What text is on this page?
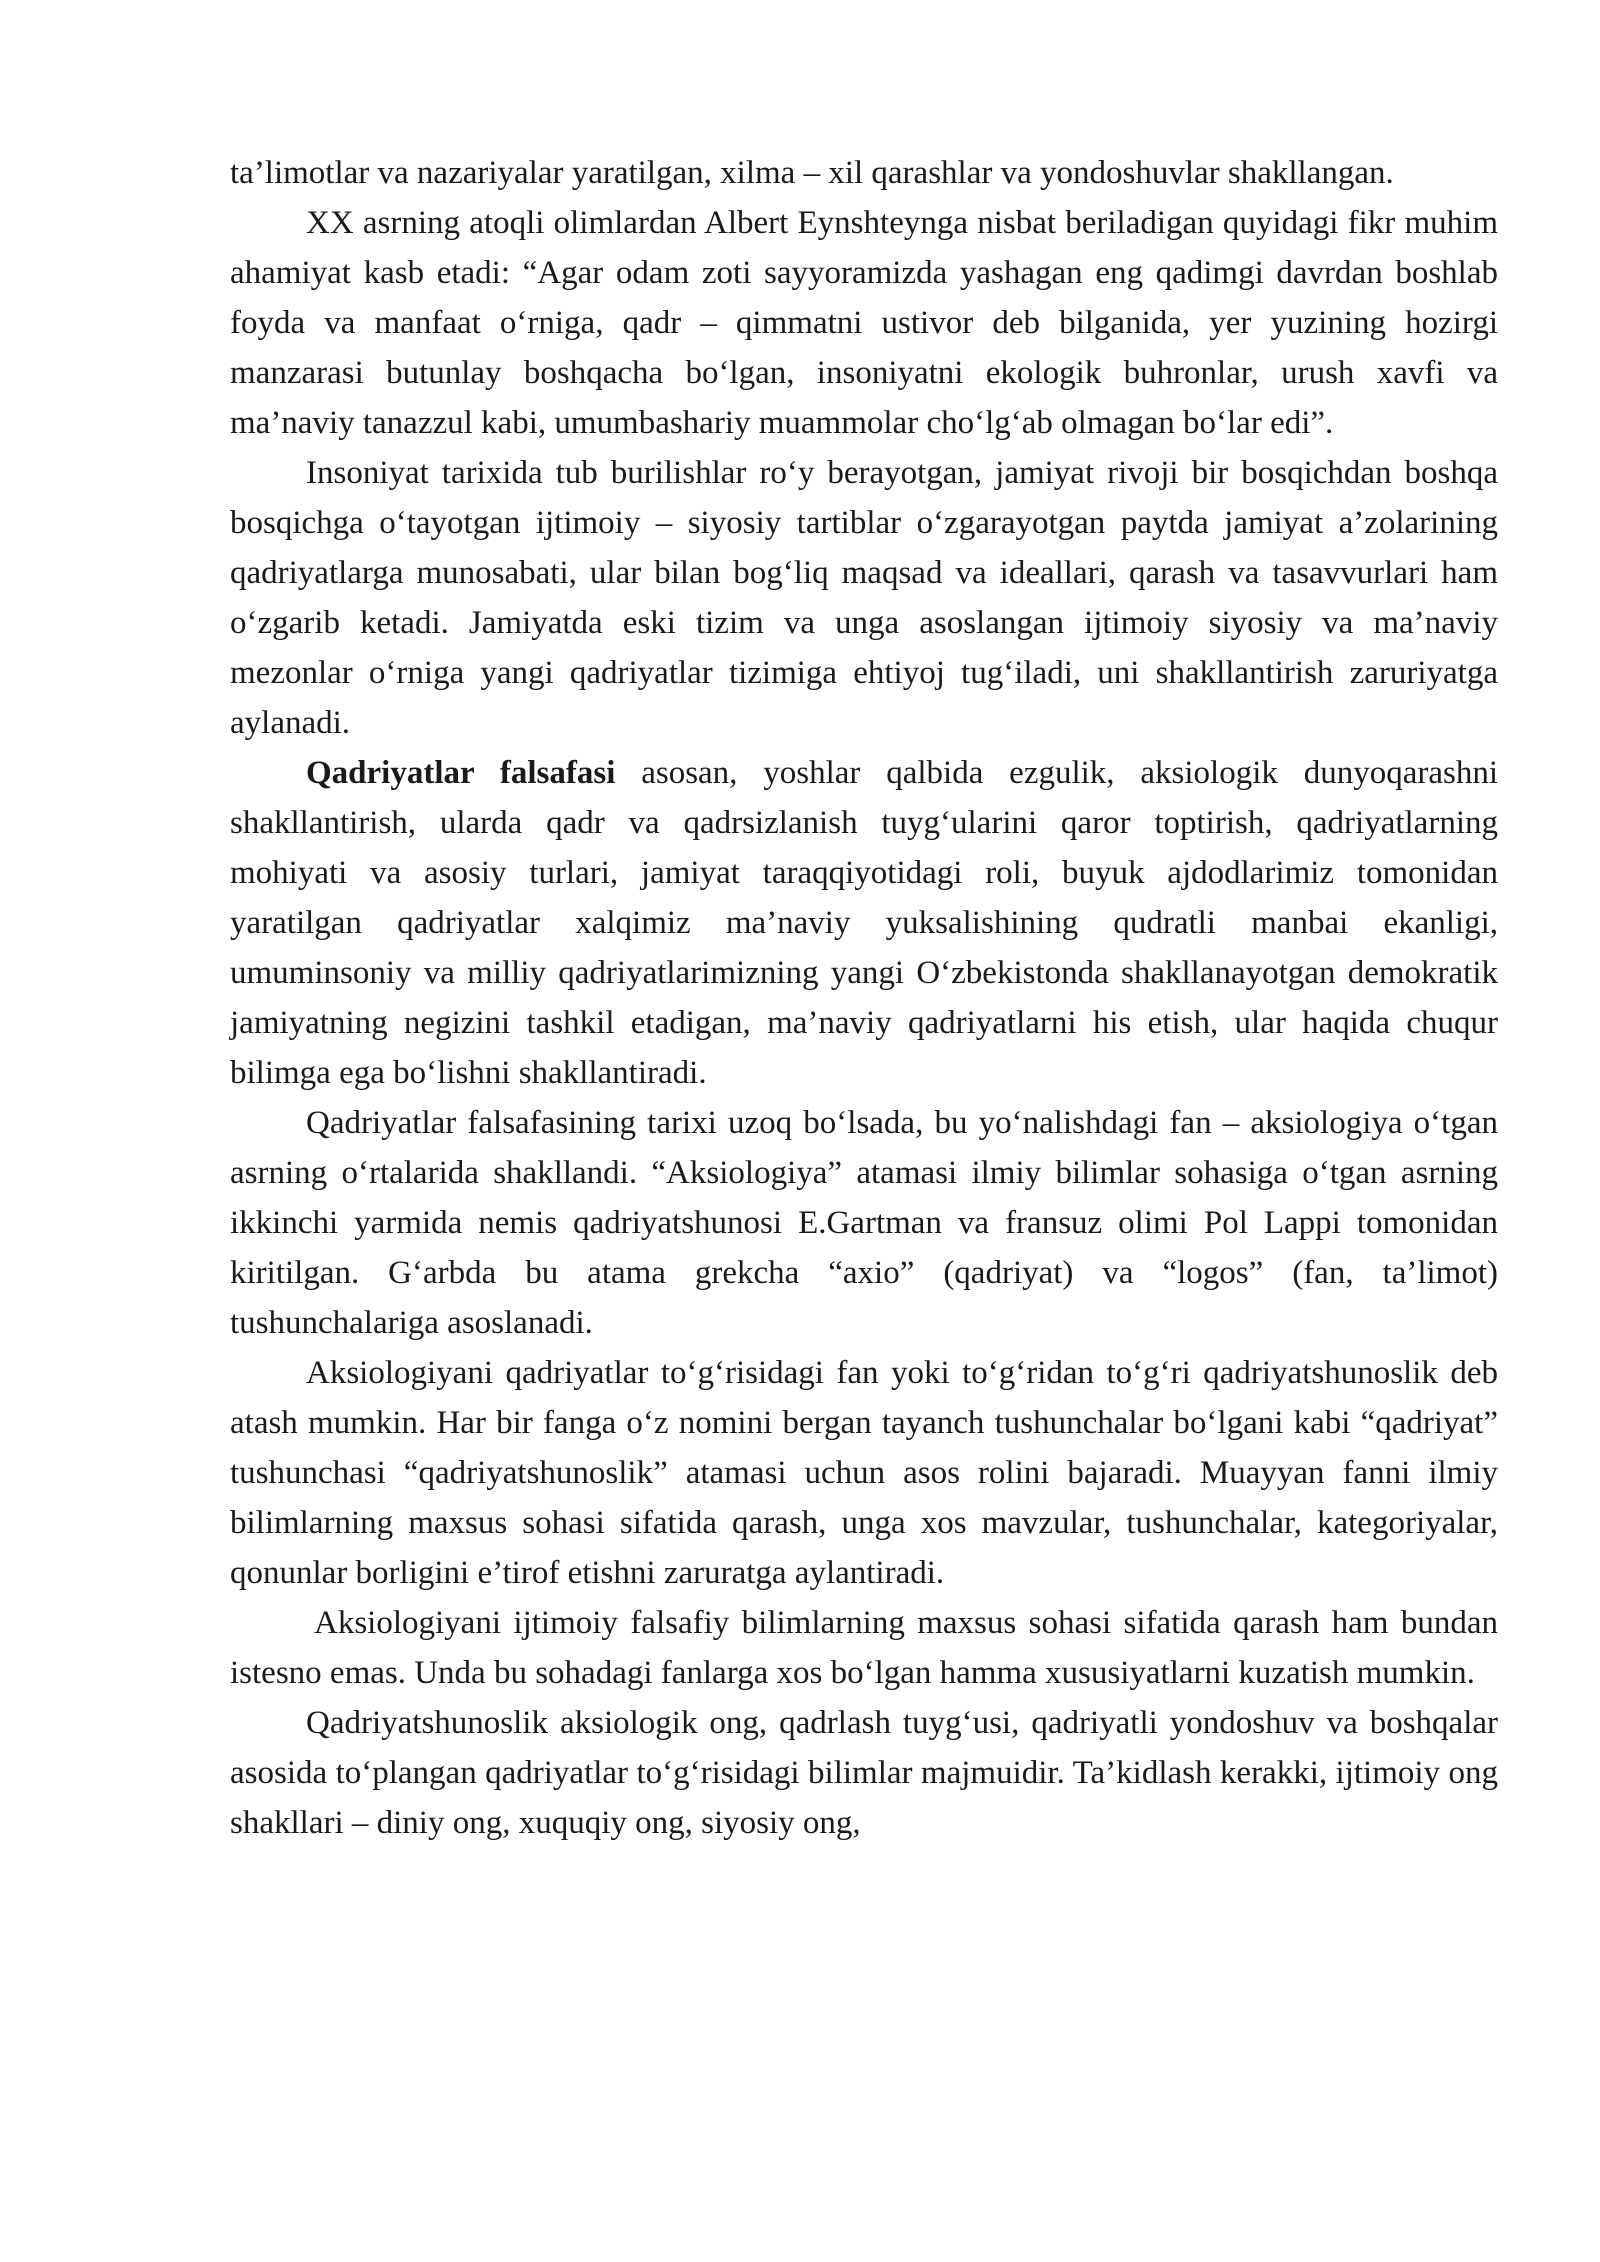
ta’limotlar va nazariyalar yaratilgan, xilma – xil qarashlar va yondoshuvlar shakllangan.

XX asrning atoqli olimlardan Albert Eynshteynga nisbat beriladigan quyidagi fikr muhim ahamiyat kasb etadi: “Agar odam zoti sayyoramizda yashagan eng qadimgi davrdan boshlab foyda va manfaat o‘rniga, qadr – qimmatni ustivor deb bilganida, yer yuzining hozirgi manzarasi butunlay boshqacha bo‘lgan, insoniyatni ekologik buhronlar, urush xavfi va ma’naviy tanazzul kabi, umumbashariy muammolar cho‘lg‘ab olmagan bo‘lar edi”.

Insoniyat tarixida tub burilishlar ro‘y berayotgan, jamiyat rivoji bir bosqichdan boshqa bosqichga o‘tayotgan ijtimoiy – siyosiy tartiblar o‘zgarayotgan paytda jamiyat a’zolarining qadriyatlarga munosabati, ular bilan bog‘liq maqsad va ideallari, qarash va tasavvurlari ham o‘zgarib ketadi. Jamiyatda eski tizim va unga asoslangan ijtimoiy siyosiy va ma’naviy mezonlar o‘rniga yangi qadriyatlar tizimiga ehtiyoj tug‘iladi, uni shakllantirish zaruriyatga aylanadi.

Qadriyatlar falsafasi asosan, yoshlar qalbida ezgulik, aksiologik dunyoqarashni shakllantirish, ularda qadr va qadrsizlanish tuyg‘ularini qaror toptirish, qadriyatlarning mohiyati va asosiy turlari, jamiyat taraqqiyotidagi roli, buyuk ajdodlarimiz tomonidan yaratilgan qadriyatlar xalqimiz ma’naviy yuksalishining qudratli manbai ekanligi, umuminsoniy va milliy qadriyatlarimizning yangi O‘zbekistonda shakllanayotgan demokratik jamiyatning negizini tashkil etadigan, ma’naviy qadriyatlarni his etish, ular haqida chuqur bilimga ega bo‘lishni shakllantiradi.

Qadriyatlar falsafasining tarixi uzoq bo‘lsada, bu yo‘nalishdagi fan – aksiologiya o‘tgan asrning o‘rtalarida shakllandi. “Aksiologiya” atamasi ilmiy bilimlar sohasiga o‘tgan asrning ikkinchi yarmida nemis qadriyatshunosi E.Gartman va fransuz olimi Pol Lappi tomonidan kiritilgan. G‘arbda bu atama grekcha “axio” (qadriyat) va “logos” (fan, ta’limot) tushunchalariga asoslanadi.

Aksiologiyani qadriyatlar to‘g‘risidagi fan yoki to‘g‘ridan to‘g‘ri qadriyatshunoslik deb atash mumkin. Har bir fanga o‘z nomini bergan tayanch tushunchalar bo‘lgani kabi “qadriyat” tushunchasi “qadriyatshunoslik” atamasi uchun asos rolini bajaradi. Muayyan fanni ilmiy bilimlarning maxsus sohasi sifatida qarash, unga xos mavzular, tushunchalar, kategoriyalar, qonunlar borligini e’tirof etishni zaruratga aylantiradi.

Aksiologiyani ijtimoiy falsafiy bilimlarning maxsus sohasi sifatida qarash ham bundan istesno emas. Unda bu sohadagi fanlarga xos bo‘lgan hamma xususiyatlarni kuzatish mumkin.

Qadriyatshunoslik aksiologik ong, qadrlash tuyg‘usi, qadriyatli yondoshuv va boshqalar asosida to‘plangan qadriyatlar to‘g‘risidagi bilimlar majmuidir. Ta’kidlash kerakki, ijtimoiy ong shakllari – diniy ong, xuquqiy ong, siyosiy ong,
